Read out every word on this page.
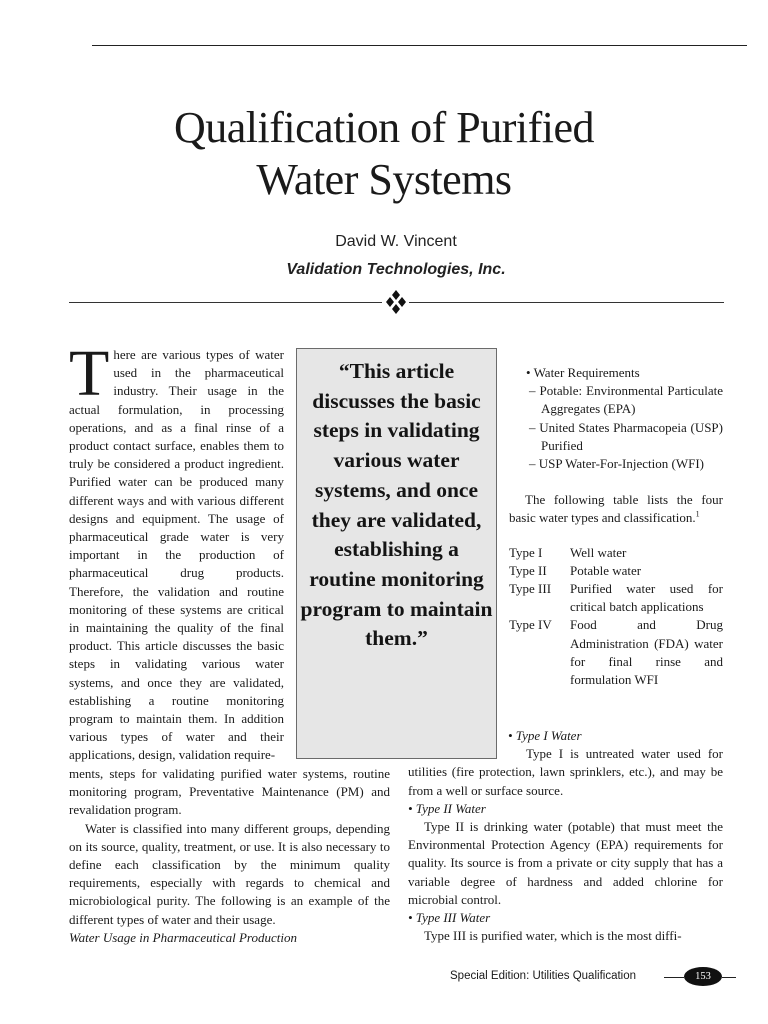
Qualification of Purified
Water Systems
David W. Vincent
Validation Technologies, Inc.
T here are various types of water used in the pharmaceutical industry. Their usage in the actual formulation, in processing operations, and as a final rinse of a product contact surface, enables them to truly be considered a product ingredient. Purified water can be produced many different ways and with various different designs and equipment. The usage of pharmaceutical grade water is very important in the production of pharmaceutical drug products. Therefore, the validation and routine monitoring of these systems are critical in maintaining the quality of the final product. This article discusses the basic steps in validating various water systems, and once they are validated, establishing a routine monitoring program to maintain them. In addition various types of water and their applications, design, validation require-
“This article discusses the basic steps in validating various water systems, and once they are validated, establishing a routine monitoring program to maintain them.”

ments, steps for validating purified water systems, routine monitoring program, Preventative Maintenance (PM) and revalidation program.

Water is classified into many different groups, depending on its source, quality, treatment, or use. It is also necessary to define each classification by the minimum quality requirements, especially with regards to chemical and microbiological purity. The following is an example of the different types of water and their usage.

Water Usage in Pharmaceutical Production

• Water Requirements

– Potable: Environmental Particulate Aggregates (EPA)

– United States Pharmacopeia (USP) Purified

– USP Water-For-Injection (WFI)

The following table lists the four basic water types and classification.$^1$

Type I	Well water
Type II	Potable water
Type III	Purified water used for critical batch applications
Type IV	Food and Drug Administration (FDA) water for final rinse and formulation WFI

• Type I Water

Type I is untreated water used for utilities (fire protection, lawn sprinklers, etc.), and may be from a well or surface source.

• Type II Water

Type II is drinking water (potable) that must meet the Environmental Protection Agency (EPA) requirements for quality. Its source is from a private or city supply that has a variable degree of hardness and added chlorine for microbial control.

• Type III Water

Type III is purified water, which is the most diffi-

Special Edition: Utilities Qualification	153
